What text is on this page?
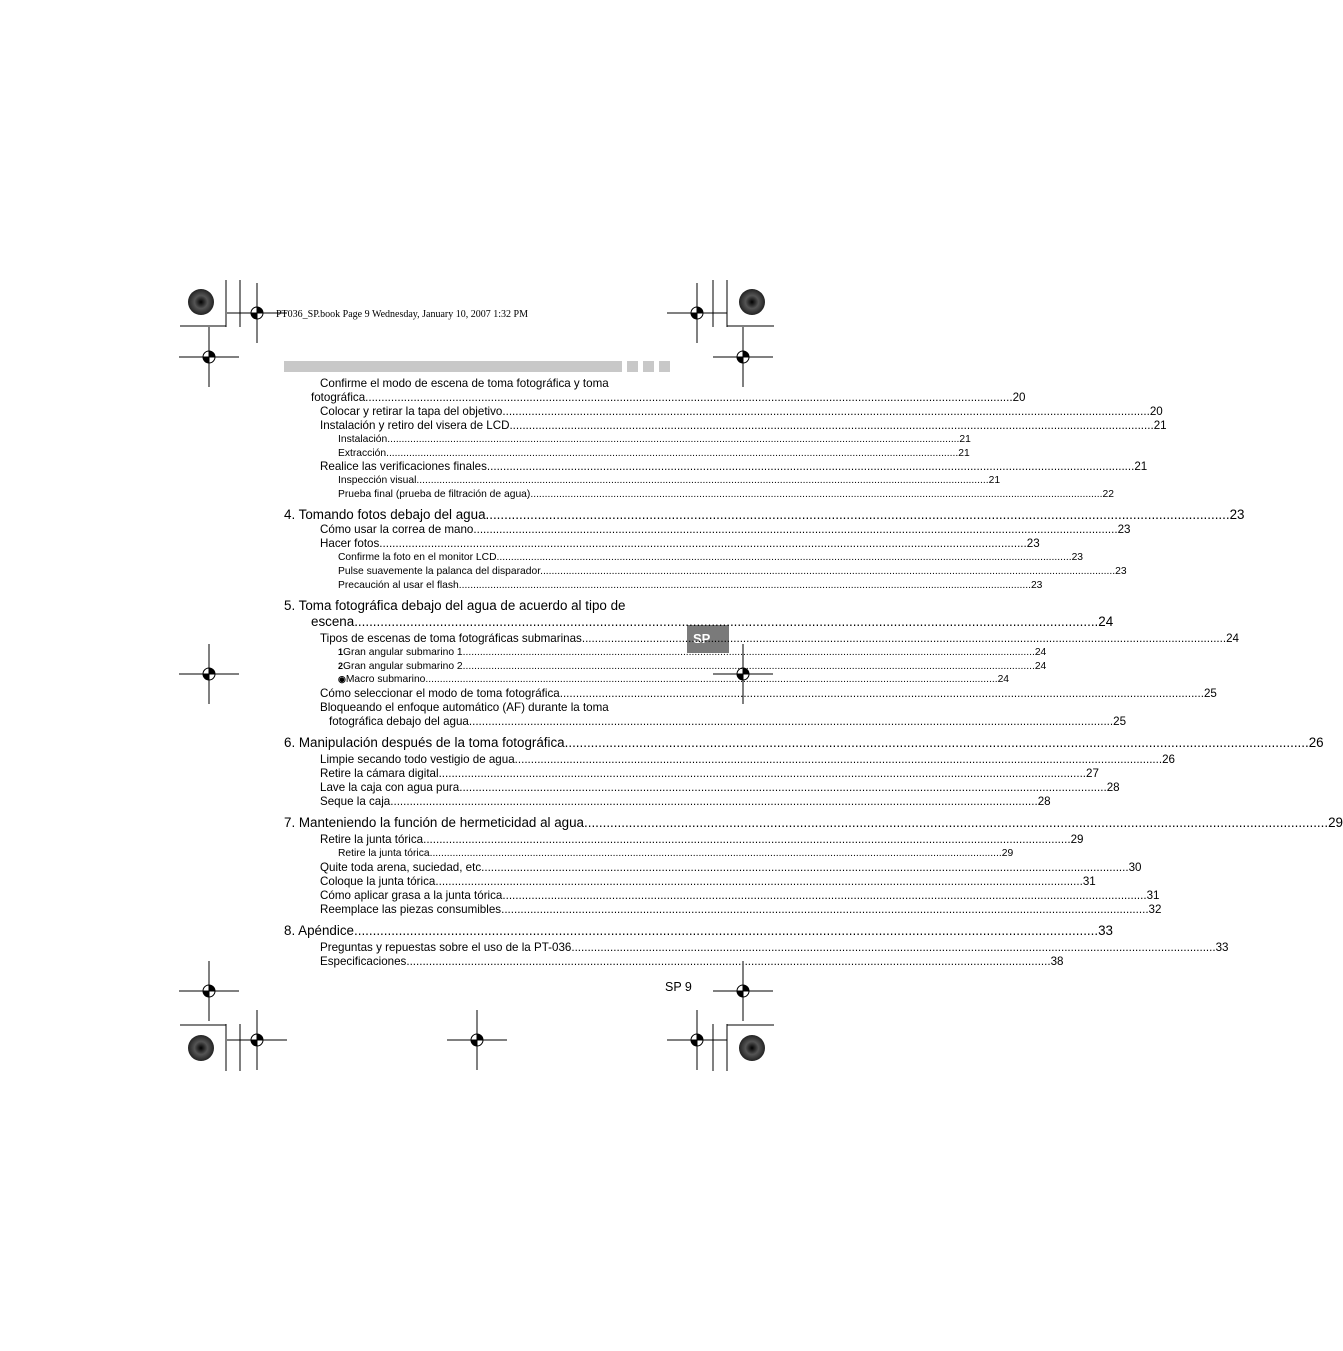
PT036_SP.book Page 9 Wednesday, January 10, 2007 1:32 PM
SP
Confirme el modo de escena de toma fotográfica y toma
fotográfica. .....	20
Colocar y retirar la tapa del objetivo. .....	20
Instalación y retiro del visera de LCD .....	21
Instalación .....	21
Extracción .....	21
Realice las verificaciones finales. .....	21
Inspección visual .....	21
Prueba final (prueba de filtración de agua) .....	22
4. Tomando fotos debajo del agua .....	23
Cómo usar la correa de mano .....	23
Hacer fotos. .....	23
Confirme la foto en el monitor LCD. .....	23
Pulse suavemente la palanca del disparador. .....	23
Precaución al usar el flash .....	23
5. Toma fotográfica debajo del agua de acuerdo al tipo de
escena .....	24
Tipos de escenas de toma fotográficas submarinas .....	24
1 Gran angular submarino 1 .....	24
2 Gran angular submarino 2 .....	24
◉ Macro submarino .....	24
Cómo seleccionar el modo de toma fotográfica .....	25
Bloqueando el enfoque automático (AF) durante la toma
fotográfica debajo del agua .....	25
6. Manipulación después de la toma fotográfica .....	26
Limpie secando todo vestigio de agua. .....	26
Retire la cámara digital. .....	27
Lave la caja con agua pura. .....	28
Seque la caja. .....	28
7. Manteniendo la función de hermeticidad al agua .....	29
Retire la junta tórica. .....	29
Retire la junta tórica .....	29
Quite toda arena, suciedad, etc. .....	30
Coloque la junta tórica. .....	31
Cómo aplicar grasa a la junta tórica .....	31
Reemplace las piezas consumibles. .....	32
8. Apéndice .....	33
Preguntas y repuestas sobre el uso de la PT-036 .....	33
Especificaciones .....	38
SP 9
